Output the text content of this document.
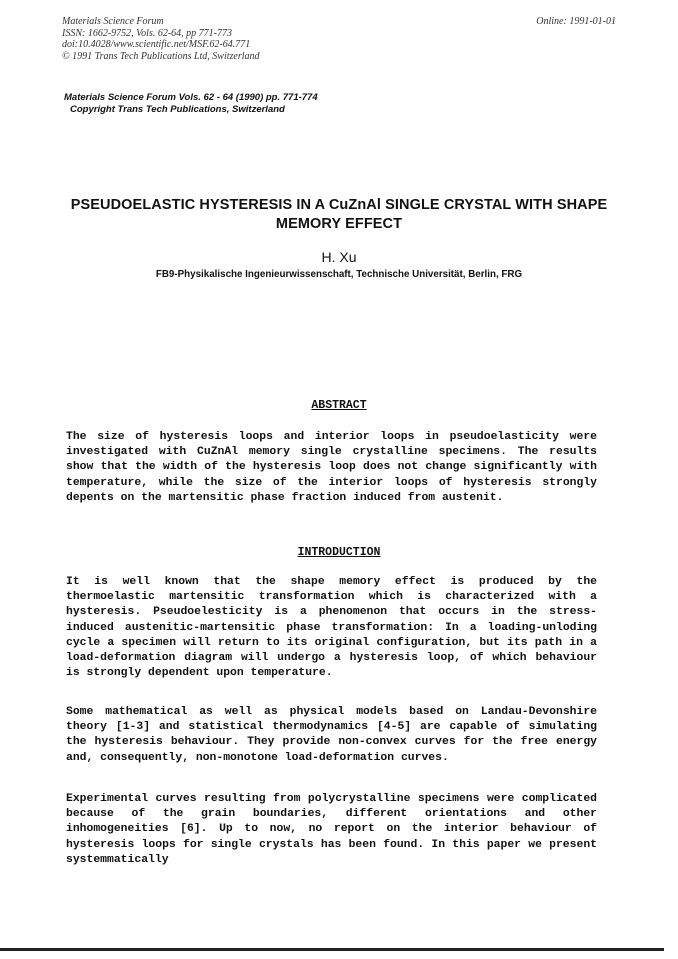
Materials Science Forum
ISSN: 1662-9752, Vols. 62-64, pp 771-773
doi:10.4028/www.scientific.net/MSF.62-64.771
© 1991 Trans Tech Publications Ltd, Switzerland
Online: 1991-01-01
Materials Science Forum Vols. 62 - 64 (1990) pp. 771-774
Copyright Trans Tech Publications, Switzerland
PSEUDOELASTIC HYSTERESIS IN A CuZnAl SINGLE CRYSTAL WITH SHAPE MEMORY EFFECT
H. Xu
FB9-Physikalische Ingenieurwissenschaft, Technische Universität, Berlin, FRG
ABSTRACT
The size of hysteresis loops and interior loops in pseudoelasticity were investigated with CuZnAl memory single crystalline specimens. The results show that the width of the hysteresis loop does not change significantly with temperature, while the size of the interior loops of hysteresis strongly depents on the martensitic phase fraction induced from austenit.
INTRODUCTION
It is well known that the shape memory effect is produced by the thermoelastic martensitic transformation which is characterized with a hysteresis. Pseudoelesticity is a phenomenon that occurs in the stress-induced austenitic-martensitic phase transformation: In a loading-unloding cycle a specimen will return to its original configuration, but its path in a load-deformation diagram will undergo a hysteresis loop, of which behaviour is strongly dependent upon temperature.
Some mathematical as well as physical models based on Landau-Devonshire theory [1-3] and statistical thermodynamics [4-5] are capable of simulating the hysteresis behaviour. They provide non-convex curves for the free energy and, consequently, non-monotone load-deformation curves.
Experimental curves resulting from polycrystalline specimens were complicated because of the grain boundaries, different orientations and other inhomogeneities [6]. Up to now, no report on the interior behaviour of hysteresis loops for single crystals has been found. In this paper we present systemmatically
